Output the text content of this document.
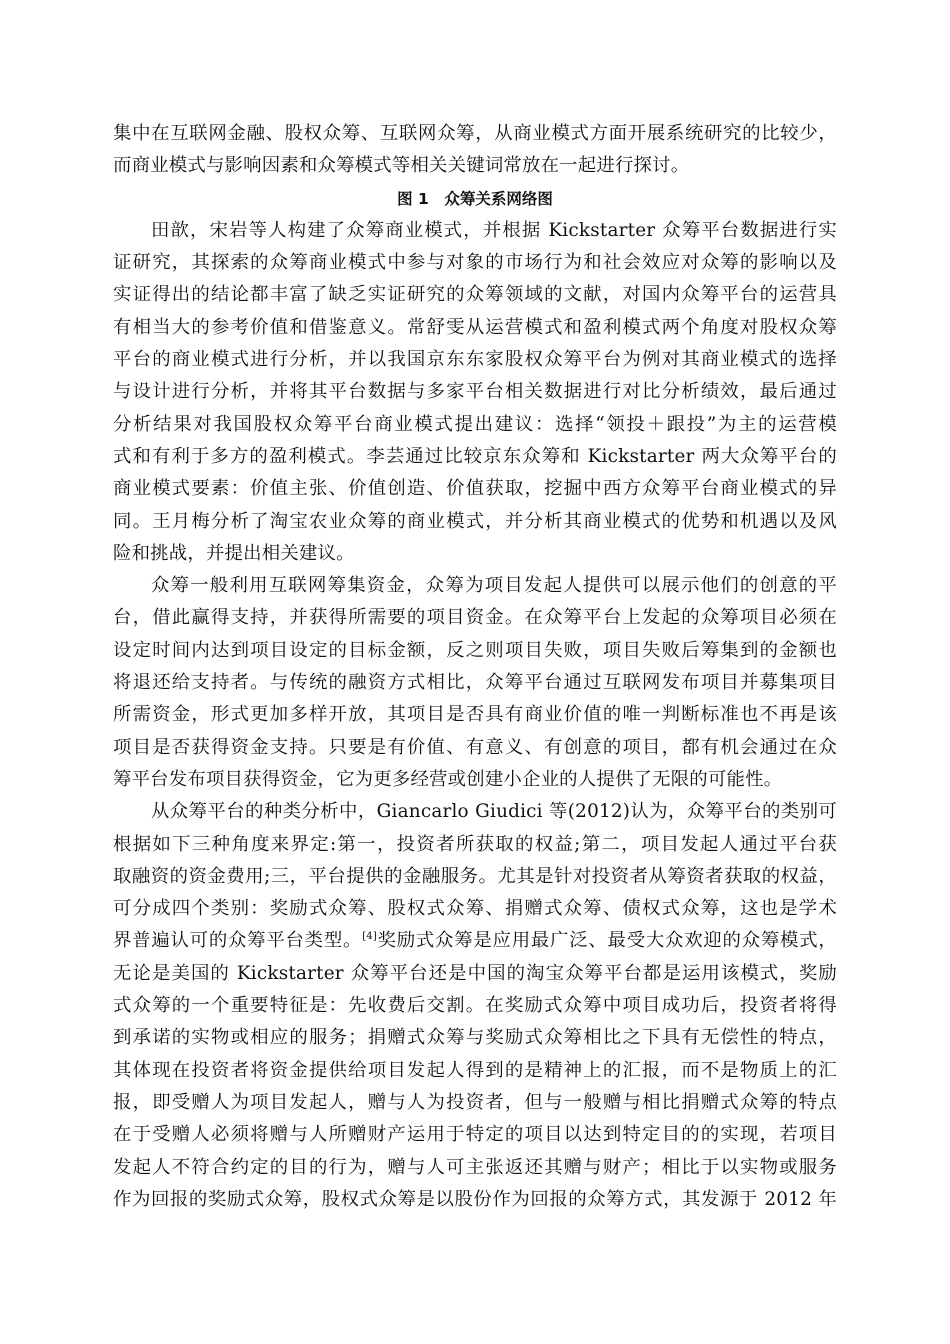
集中在互联网金融、股权众筹、互联网众筹，从商业模式方面开展系统研究的比较少，
而商业模式与影响因素和众筹模式等相关关键词常放在一起进行探讨。
图 1　众筹关系网络图
田歆，宋岩等人构建了众筹商业模式，并根据 Kickstarter 众筹平台数据进行实
证研究，其探索的众筹商业模式中参与对象的市场行为和社会效应对众筹的影响以及
实证得出的结论都丰富了缺乏实证研究的众筹领域的文献，对国内众筹平台的运营具
有相当大的参考价值和借鉴意义。常舒雯从运营模式和盈利模式两个角度对股权众筹
平台的商业模式进行分析，并以我国京东东家股权众筹平台为例对其商业模式的选择
与设计进行分析，并将其平台数据与多家平台相关数据进行对比分析绩效，最后通过
分析结果对我国股权众筹平台商业模式提出建议：选择“领投＋跟投”为主的运营模
式和有利于多方的盈利模式。李芸通过比较京东众筹和 Kickstarter 两大众筹平台的
商业模式要素：价值主张、价值创造、价值获取，挖掘中西方众筹平台商业模式的异
同。王月梅分析了淘宝农业众筹的商业模式，并分析其商业模式的优势和机遇以及风
险和挑战，并提出相关建议。
众筹一般利用互联网筹集资金，众筹为项目发起人提供可以展示他们的创意的平
台，借此赢得支持，并获得所需要的项目资金。在众筹平台上发起的众筹项目必须在
设定时间内达到项目设定的目标金额，反之则项目失败，项目失败后筹集到的金额也
将退还给支持者。与传统的融资方式相比，众筹平台通过互联网发布项目并募集项目
所需资金，形式更加多样开放，其项目是否具有商业价值的唯一判断标准也不再是该
项目是否获得资金支持。只要是有价值、有意义、有创意的项目，都有机会通过在众
筹平台发布项目获得资金，它为更多经营或创建小企业的人提供了无限的可能性。
从众筹平台的种类分析中，Giancarlo Giudici 等(2012)认为，众筹平台的类别可
根据如下三种角度来界定:第一，投资者所获取的权益;第二，项目发起人通过平台获
取融资的资金费用;三，平台提供的金融服务。尤其是针对投资者从筹资者获取的权益，
可分成四个类别：奖励式众筹、股权式众筹、捐赠式众筹、债权式众筹，这也是学术
界普遍认可的众筹平台类型。[4]奖励式众筹是应用最广泛、最受大众欢迎的众筹模式，
无论是美国的 Kickstarter 众筹平台还是中国的淘宝众筹平台都是运用该模式，奖励
式众筹的一个重要特征是：先收费后交割。在奖励式众筹中项目成功后，投资者将得
到承诺的实物或相应的服务；捐赠式众筹与奖励式众筹相比之下具有无偿性的特点，
其体现在投资者将资金提供给项目发起人得到的是精神上的汇报，而不是物质上的汇
报，即受赠人为项目发起人，赠与人为投资者，但与一般赠与相比捐赠式众筹的特点
在于受赠人必须将赠与人所赠财产运用于特定的项目以达到特定目的的实现，若项目
发起人不符合约定的目的行为，赠与人可主张返还其赠与财产；相比于以实物或服务
作为回报的奖励式众筹，股权式众筹是以股份作为回报的众筹方式，其发源于 2012 年
